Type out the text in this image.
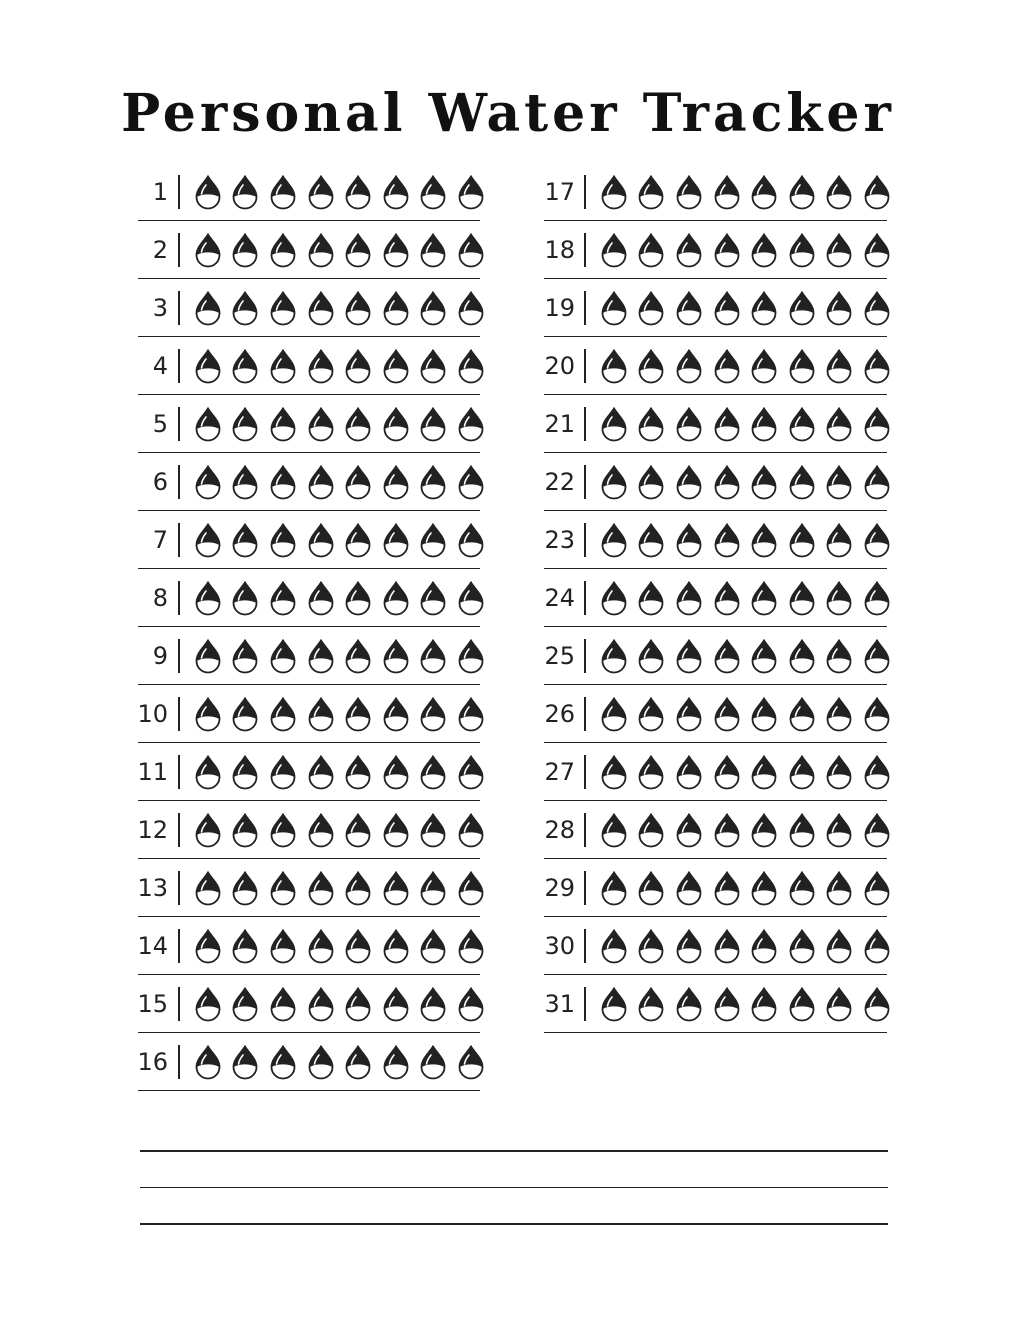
Personal Water Tracker
1
2
3
4
5
6
7
8
9
10
11
12
13
14
15
16
17
18
19
20
21
22
23
24
25
26
27
28
29
30
31
